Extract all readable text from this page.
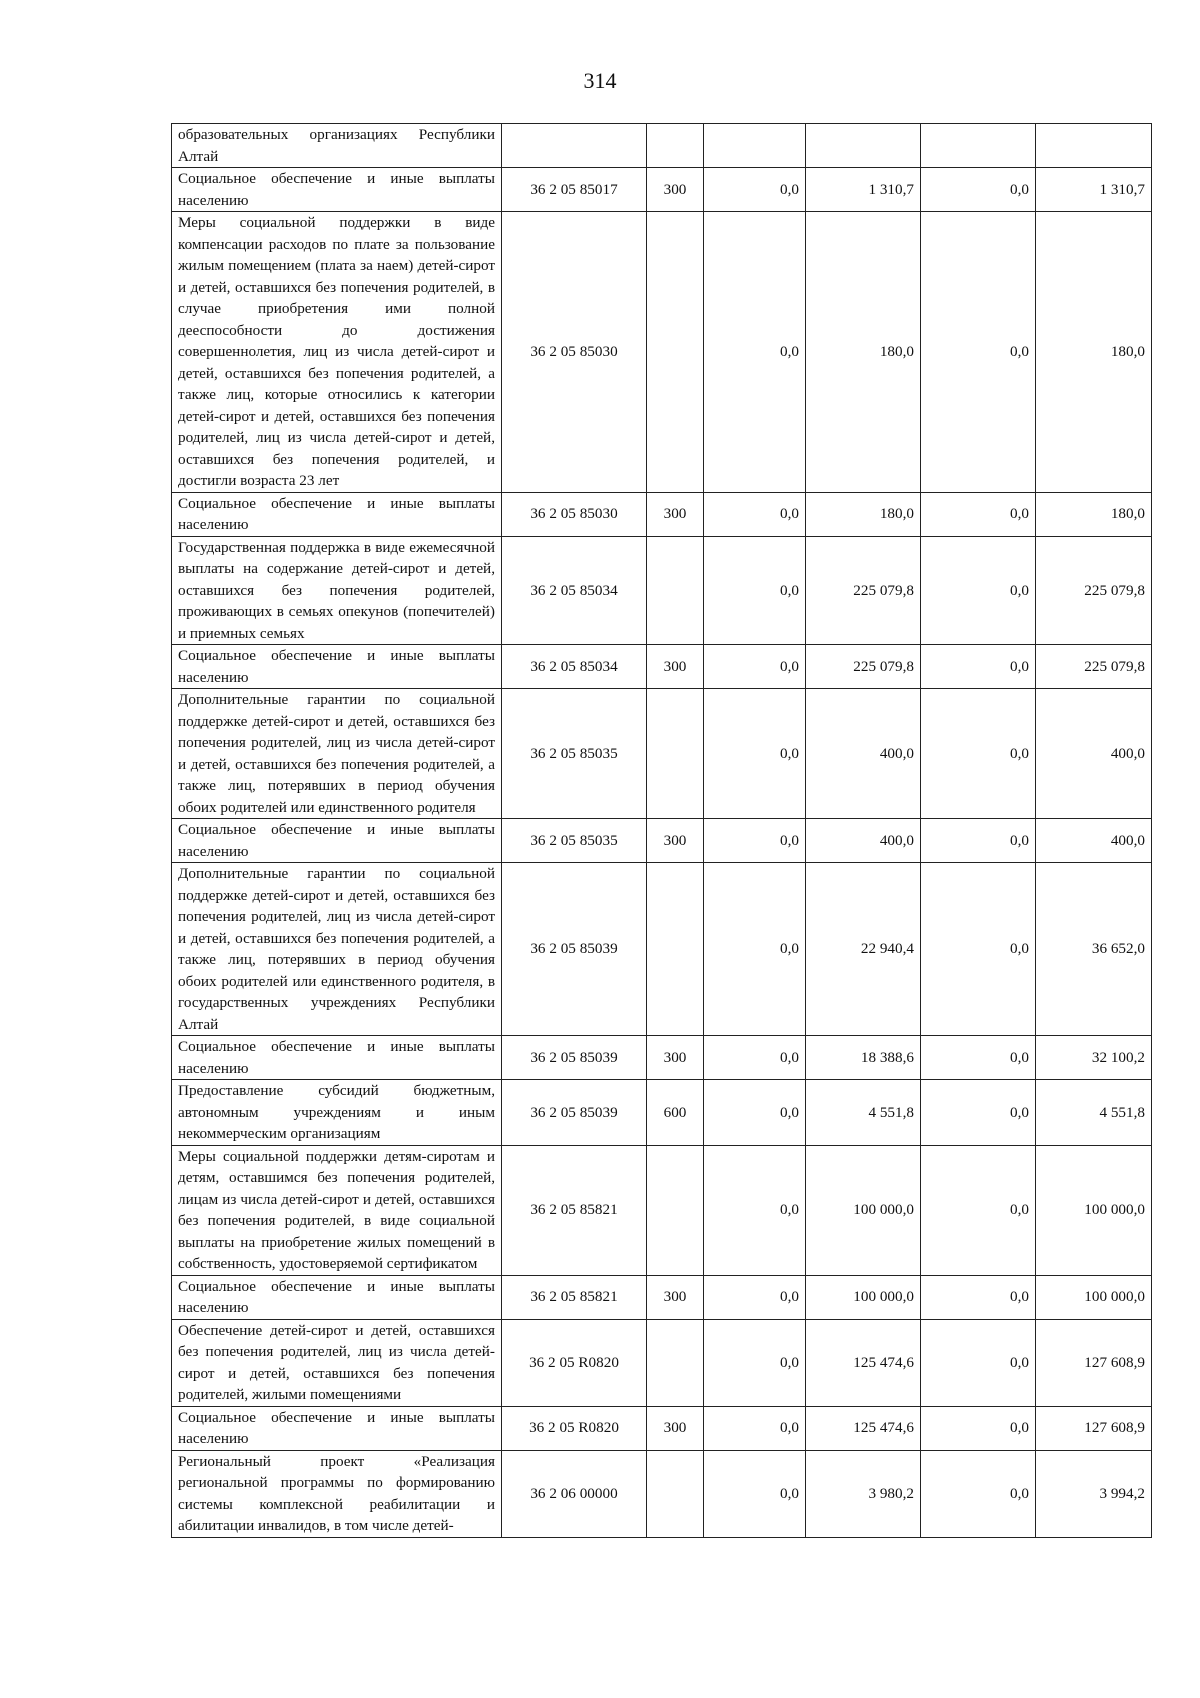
314
образовательных организациях Республики Алтай						
Социальное обеспечение и иные выплаты населению	36 2 05 85017	300	0,0	1 310,7	0,0	1 310,7
Меры социальной поддержки в виде компенсации расходов по плате за пользование жилым помещением (плата за наем) детей-сирот и детей, оставшихся без попечения родителей, в случае приобретения ими полной дееспособности до достижения совершеннолетия, лиц из числа детей-сирот и детей, оставшихся без попечения родителей, а также лиц, которые относились к категории детей-сирот и детей, оставшихся без попечения родителей, лиц из числа детей-сирот и детей, оставшихся без попечения родителей, и достигли возраста 23 лет	36 2 05 85030		0,0	180,0	0,0	180,0
Социальное обеспечение и иные выплаты населению	36 2 05 85030	300	0,0	180,0	0,0	180,0
Государственная поддержка в виде ежемесячной выплаты на содержание детей-сирот и детей, оставшихся без попечения родителей, проживающих в семьях опекунов (попечителей) и приемных семьях	36 2 05 85034		0,0	225 079,8	0,0	225 079,8
Социальное обеспечение и иные выплаты населению	36 2 05 85034	300	0,0	225 079,8	0,0	225 079,8
Дополнительные гарантии по социальной поддержке детей-сирот и детей, оставшихся без попечения родителей, лиц из числа детей-сирот и детей, оставшихся без попечения родителей, а также лиц, потерявших в период обучения обоих родителей или единственного родителя	36 2 05 85035		0,0	400,0	0,0	400,0
Социальное обеспечение и иные выплаты населению	36 2 05 85035	300	0,0	400,0	0,0	400,0
Дополнительные гарантии по социальной поддержке детей-сирот и детей, оставшихся без попечения родителей, лиц из числа детей-сирот и детей, оставшихся без попечения родителей, а также лиц, потерявших в период обучения обоих родителей или единственного родителя, в государственных учреждениях Республики Алтай	36 2 05 85039		0,0	22 940,4	0,0	36 652,0
Социальное обеспечение и иные выплаты населению	36 2 05 85039	300	0,0	18 388,6	0,0	32 100,2
Предоставление субсидий бюджетным, автономным учреждениям и иным некоммерческим организациям	36 2 05 85039	600	0,0	4 551,8	0,0	4 551,8
Меры социальной поддержки детям-сиротам и детям, оставшимся без попечения родителей, лицам из числа детей-сирот и детей, оставшихся без попечения родителей, в виде социальной выплаты на приобретение жилых помещений в собственность, удостоверяемой сертификатом	36 2 05 85821		0,0	100 000,0	0,0	100 000,0
Социальное обеспечение и иные выплаты населению	36 2 05 85821	300	0,0	100 000,0	0,0	100 000,0
Обеспечение детей-сирот и детей, оставшихся без попечения родителей, лиц из числа детей-сирот и детей, оставшихся без попечения родителей, жилыми помещениями	36 2 05 R0820		0,0	125 474,6	0,0	127 608,9
Социальное обеспечение и иные выплаты населению	36 2 05 R0820	300	0,0	125 474,6	0,0	127 608,9
Региональный проект «Реализация региональной программы по формированию системы комплексной реабилитации и абилитации инвалидов, в том числе детей-	36 2 06 00000		0,0	3 980,2	0,0	3 994,2
